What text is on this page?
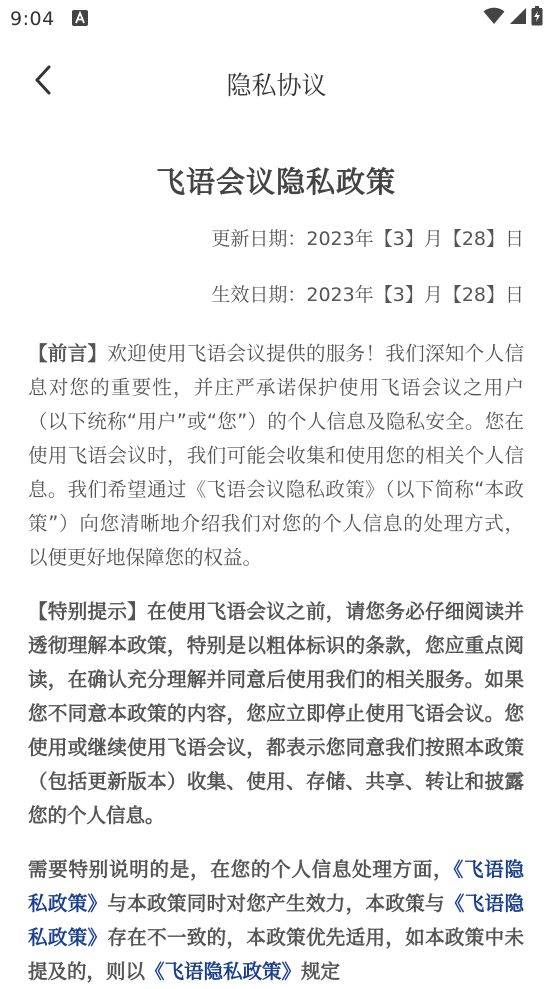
9:04
隐私协议
飞语会议隐私政策

更新日期：2023年【3】月【28】日

生效日期：2023年【3】月【28】日

【前言】欢迎使用飞语会议提供的服务！我们深知个人信息对您的重要性，并庄严承诺保护使用飞语会议之用户（以下统称“用户”或“您”）的个人信息及隐私安全。您在使用飞语会议时，我们可能会收集和使用您的相关个人信息。我们希望通过《飞语会议隐私政策》（以下简称“本政策”）向您清晰地介绍我们对您的个人信息的处理方式，以便更好地保障您的权益。

【特别提示】在使用飞语会议之前，请您务必仔细阅读并透彻理解本政策，特别是以粗体标识的条款，您应重点阅读，在确认充分理解并同意后使用我们的相关服务。如果您不同意本政策的内容，您应立即停止使用飞语会议。您使用或继续使用飞语会议，都表示您同意我们按照本政策（包括更新版本）收集、使用、存储、共享、转让和披露您的个人信息。

需要特别说明的是，在您的个人信息处理方面，《飞语隐私政策》与本政策同时对您产生效力，本政策与《飞语隐私政策》存在不一致的，本政策优先适用，如本政策中未提及的，则以《飞语隐私政策》规定
